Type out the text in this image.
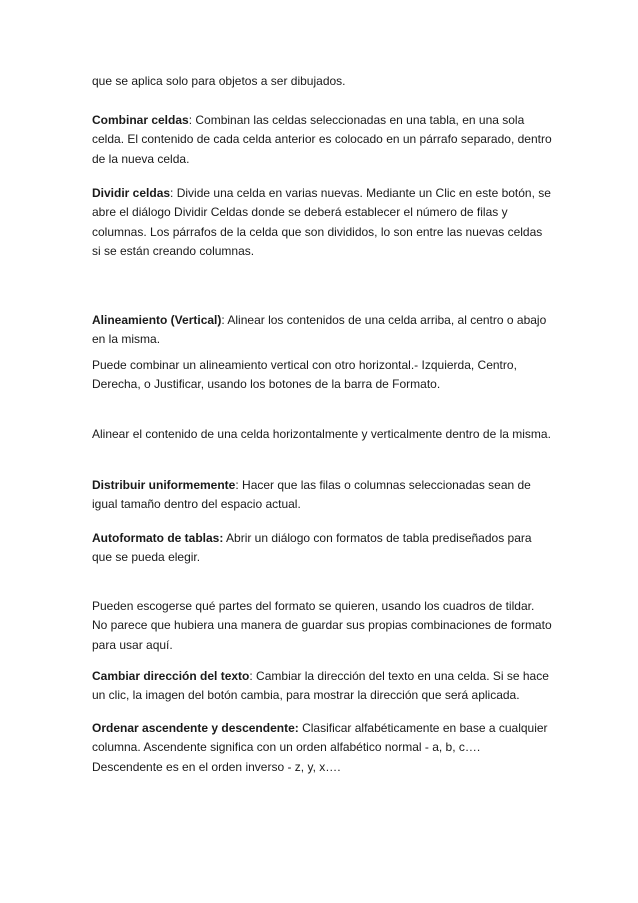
que se aplica solo para objetos a ser dibujados.

Combinar celdas: Combinan las celdas seleccionadas en una tabla, en una sola celda. El contenido de cada celda anterior es colocado en un párrafo separado, dentro de la nueva celda.

Dividir celdas: Divide una celda en varias nuevas. Mediante un Clic en este botón, se abre el diálogo Dividir Celdas donde se deberá establecer el número de filas y columnas. Los párrafos de la celda que son divididos, lo son entre las nuevas celdas si se están creando columnas.

Alineamiento (Vertical): Alinear los contenidos de una celda arriba, al centro o abajo en la misma.

Puede combinar un alineamiento vertical con otro horizontal.- Izquierda, Centro, Derecha, o Justificar, usando los botones de la barra de Formato.

Alinear el contenido de una celda horizontalmente y verticalmente dentro de la misma.

Distribuir uniformemente: Hacer que las filas o columnas seleccionadas sean de igual tamaño dentro del espacio actual.

Autoformato de tablas: Abrir un diálogo con formatos de tabla prediseñados para que se pueda elegir.

Pueden escogerse qué partes del formato se quieren, usando los cuadros de tildar. No parece que hubiera una manera de guardar sus propias combinaciones de formato para usar aquí.

Cambiar dirección del texto: Cambiar la dirección del texto en una celda. Si se hace un clic, la imagen del botón cambia, para mostrar la dirección que será aplicada.

Ordenar ascendente y descendente: Clasificar alfabéticamente en base a cualquier columna. Ascendente significa con un orden alfabético normal - a, b, c…. Descendente es en el orden inverso - z, y, x….
